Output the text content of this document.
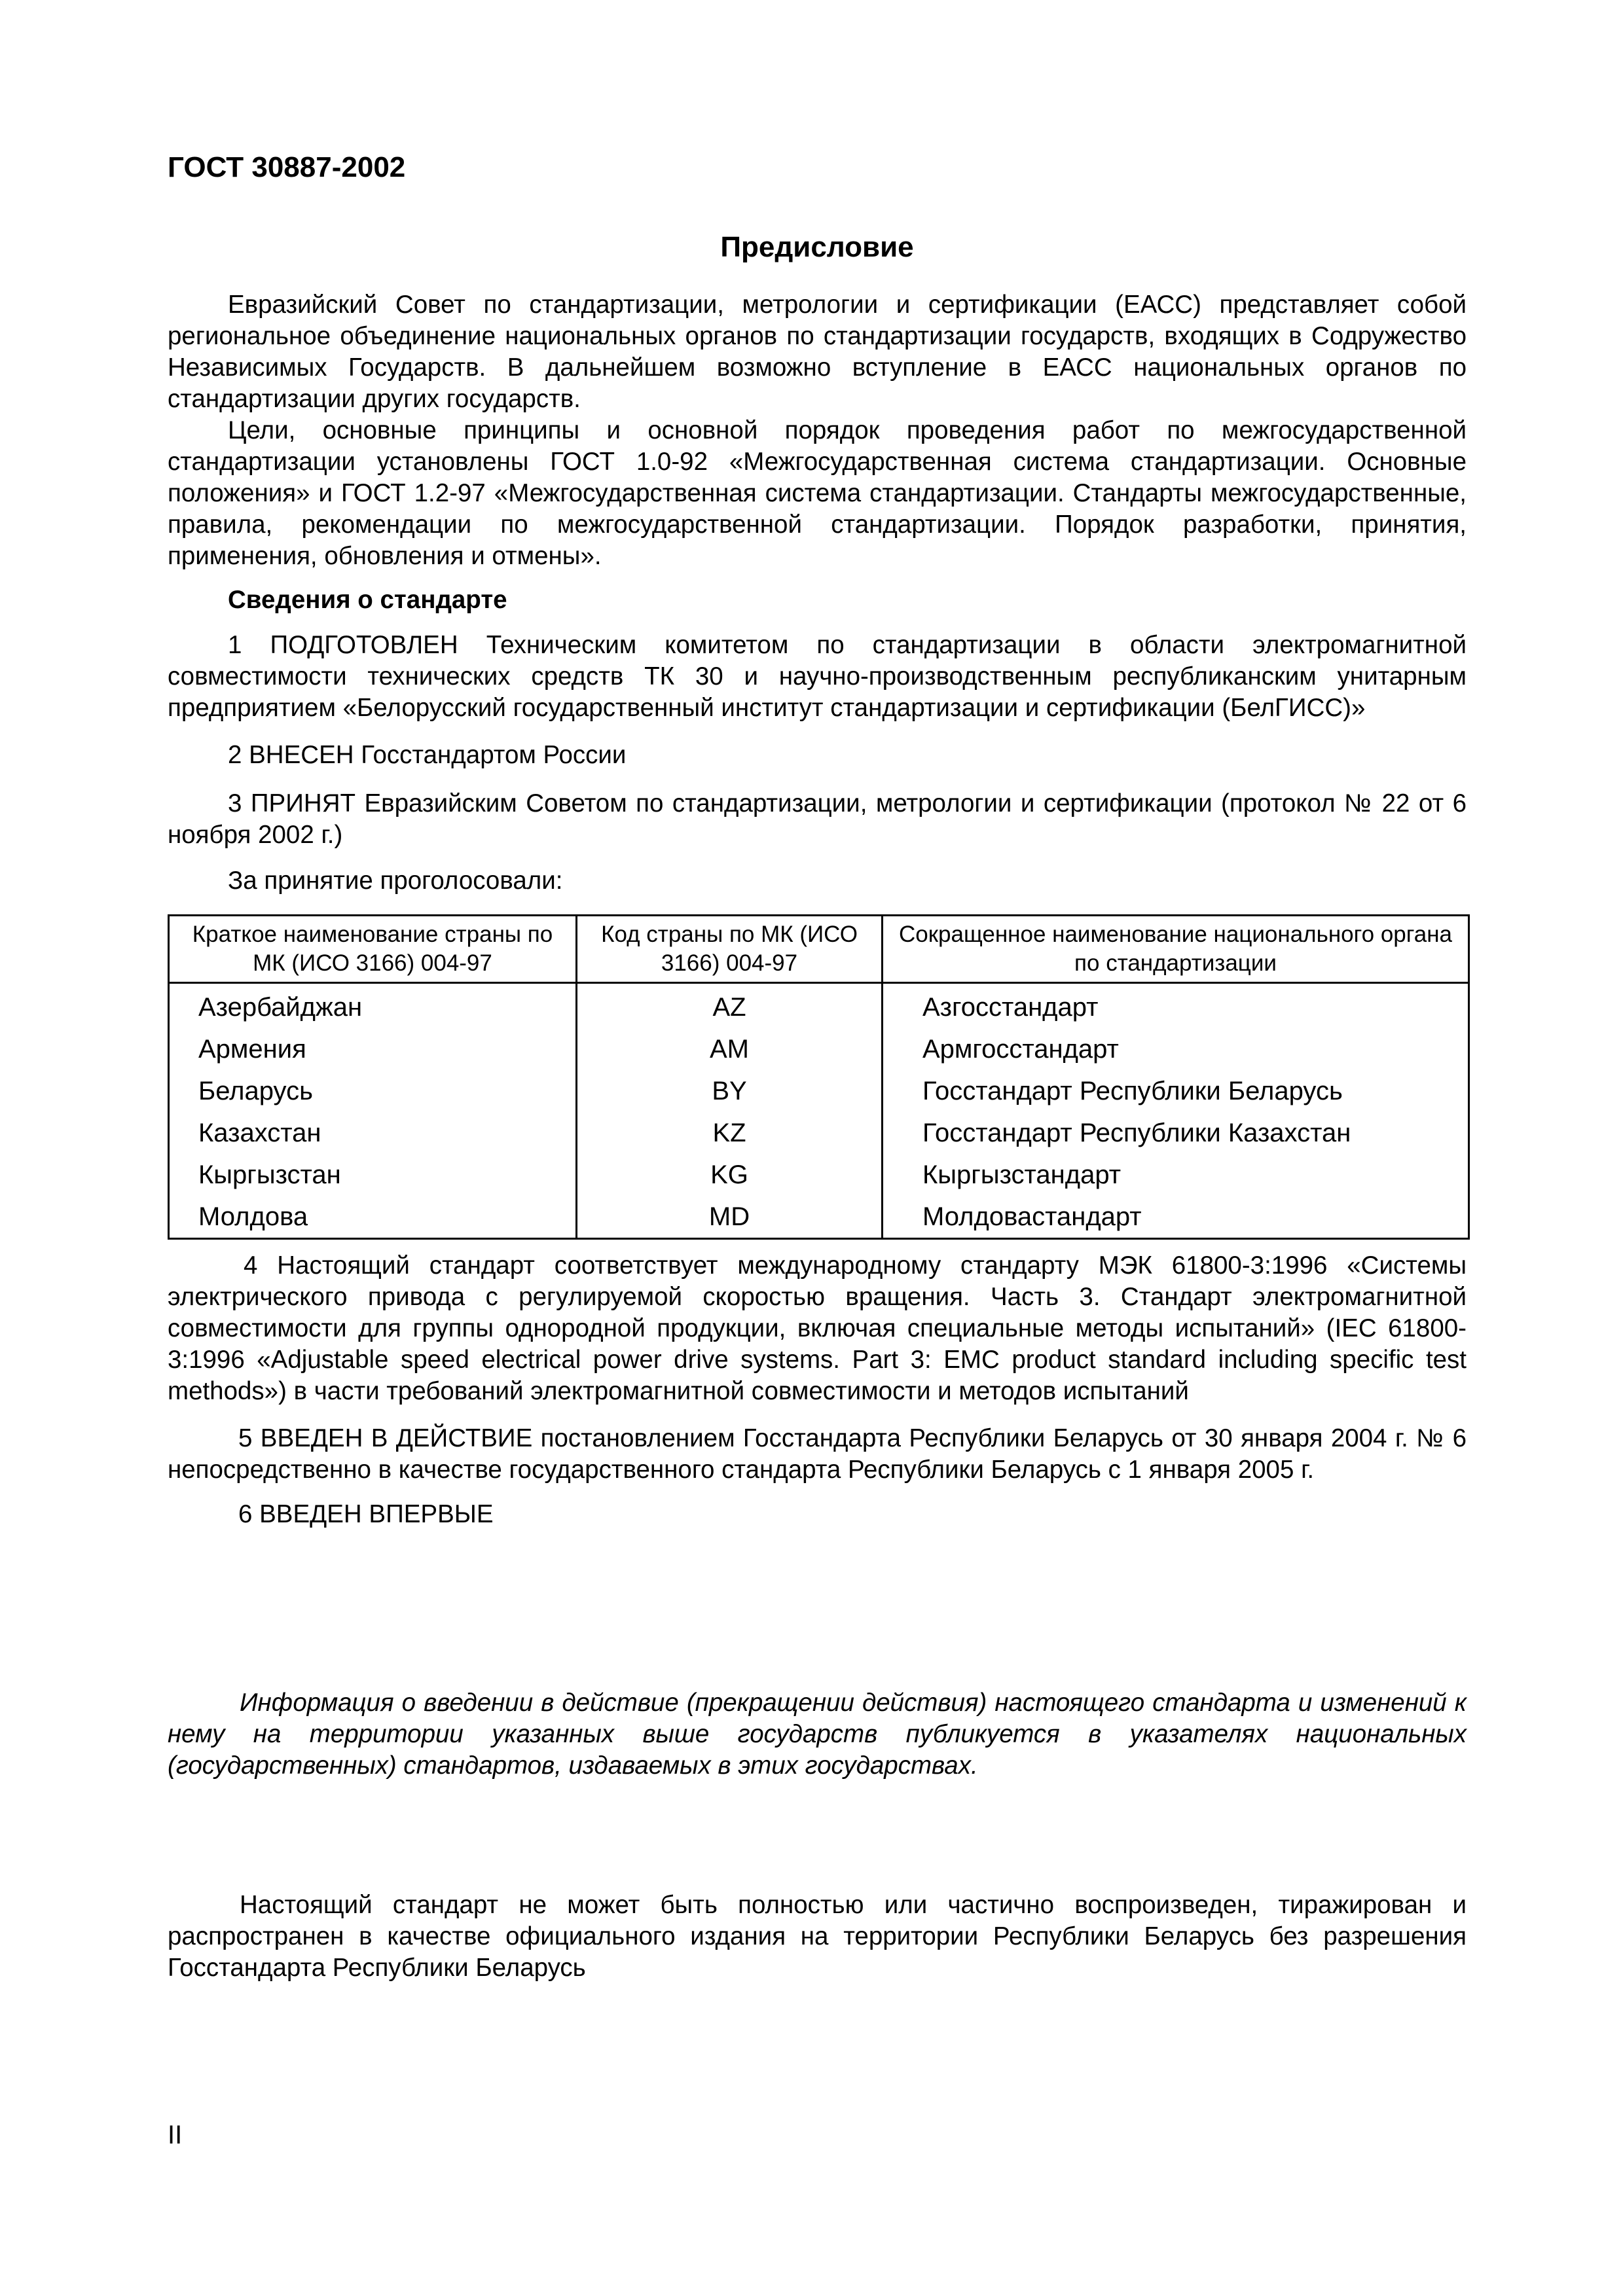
ГОСТ 30887-2002
Предисловие

Евразийский Совет по стандартизации, метрологии и сертификации (ЕАСС) представляет собой региональное объединение национальных органов по стандартизации государств, входящих в Содружество Независимых Государств. В дальнейшем возможно вступление в ЕАСС национальных органов по стандартизации других государств.

Цели, основные принципы и основной порядок проведения работ по межгосударственной стандартизации установлены ГОСТ 1.0-92 «Межгосударственная система стандартизации. Основные положения» и ГОСТ 1.2-97 «Межгосударственная система стандартизации. Стандарты межгосударственные, правила, рекомендации по межгосударственной стандартизации. Порядок разработки, принятия, применения, обновления и отмены».

Сведения о стандарте
1 ПОДГОТОВЛЕН Техническим комитетом по стандартизации в области электромагнитной совместимости технических средств ТК 30 и научно-производственным республиканским унитарным предприятием «Белорусский государственный институт стандартизации и сертификации (БелГИСС)»
2 ВНЕСЕН Госстандартом России
3 ПРИНЯТ Евразийским Советом по стандартизации, метрологии и сертификации (протокол № 22 от 6 ноября 2002 г.)
За принятие проголосовали:
Краткое наименование страны по МК (ИСО 3166) 004-97	Код страны по МК (ИСО 3166) 004-97	Сокращенное наименование национального органа по стандартизации
Азербайджан	AZ	Азгосстандарт
Армения	AM	Армгосстандарт
Беларусь	BY	Госстандарт Республики Беларусь
Казахстан	KZ	Госстандарт Республики Казахстан
Кыргызстан	KG	Кыргызстандарт
Молдова	MD	Молдовастандарт
4 Настоящий стандарт соответствует международному стандарту МЭК 61800-3:1996 «Системы электрического привода с регулируемой скоростью вращения. Часть 3. Стандарт электромагнитной совместимости для группы однородной продукции, включая специальные методы испытаний» (IEC 61800-3:1996 «Adjustable speed electrical power drive systems. Part 3: EMC product standard including specific test methods») в части требований электромагнитной совместимости и методов испытаний
5 ВВЕДЕН В ДЕЙСТВИЕ постановлением Госстандарта Республики Беларусь от 30 января 2004 г. № 6 непосредственно в качестве государственного стандарта Республики Беларусь с 1 января 2005 г.
6 ВВЕДЕН ВПЕРВЫЕ

Информация о введении в действие (прекращении действия) настоящего стандарта и изменений к нему на территории указанных выше государств публикуется в указателях национальных (государственных) стандартов, издаваемых в этих государствах.

Настоящий стандарт не может быть полностью или частично воспроизведен, тиражирован и распространен в качестве официального издания на территории Республики Беларусь без разрешения Госстандарта Республики Беларусь
II
